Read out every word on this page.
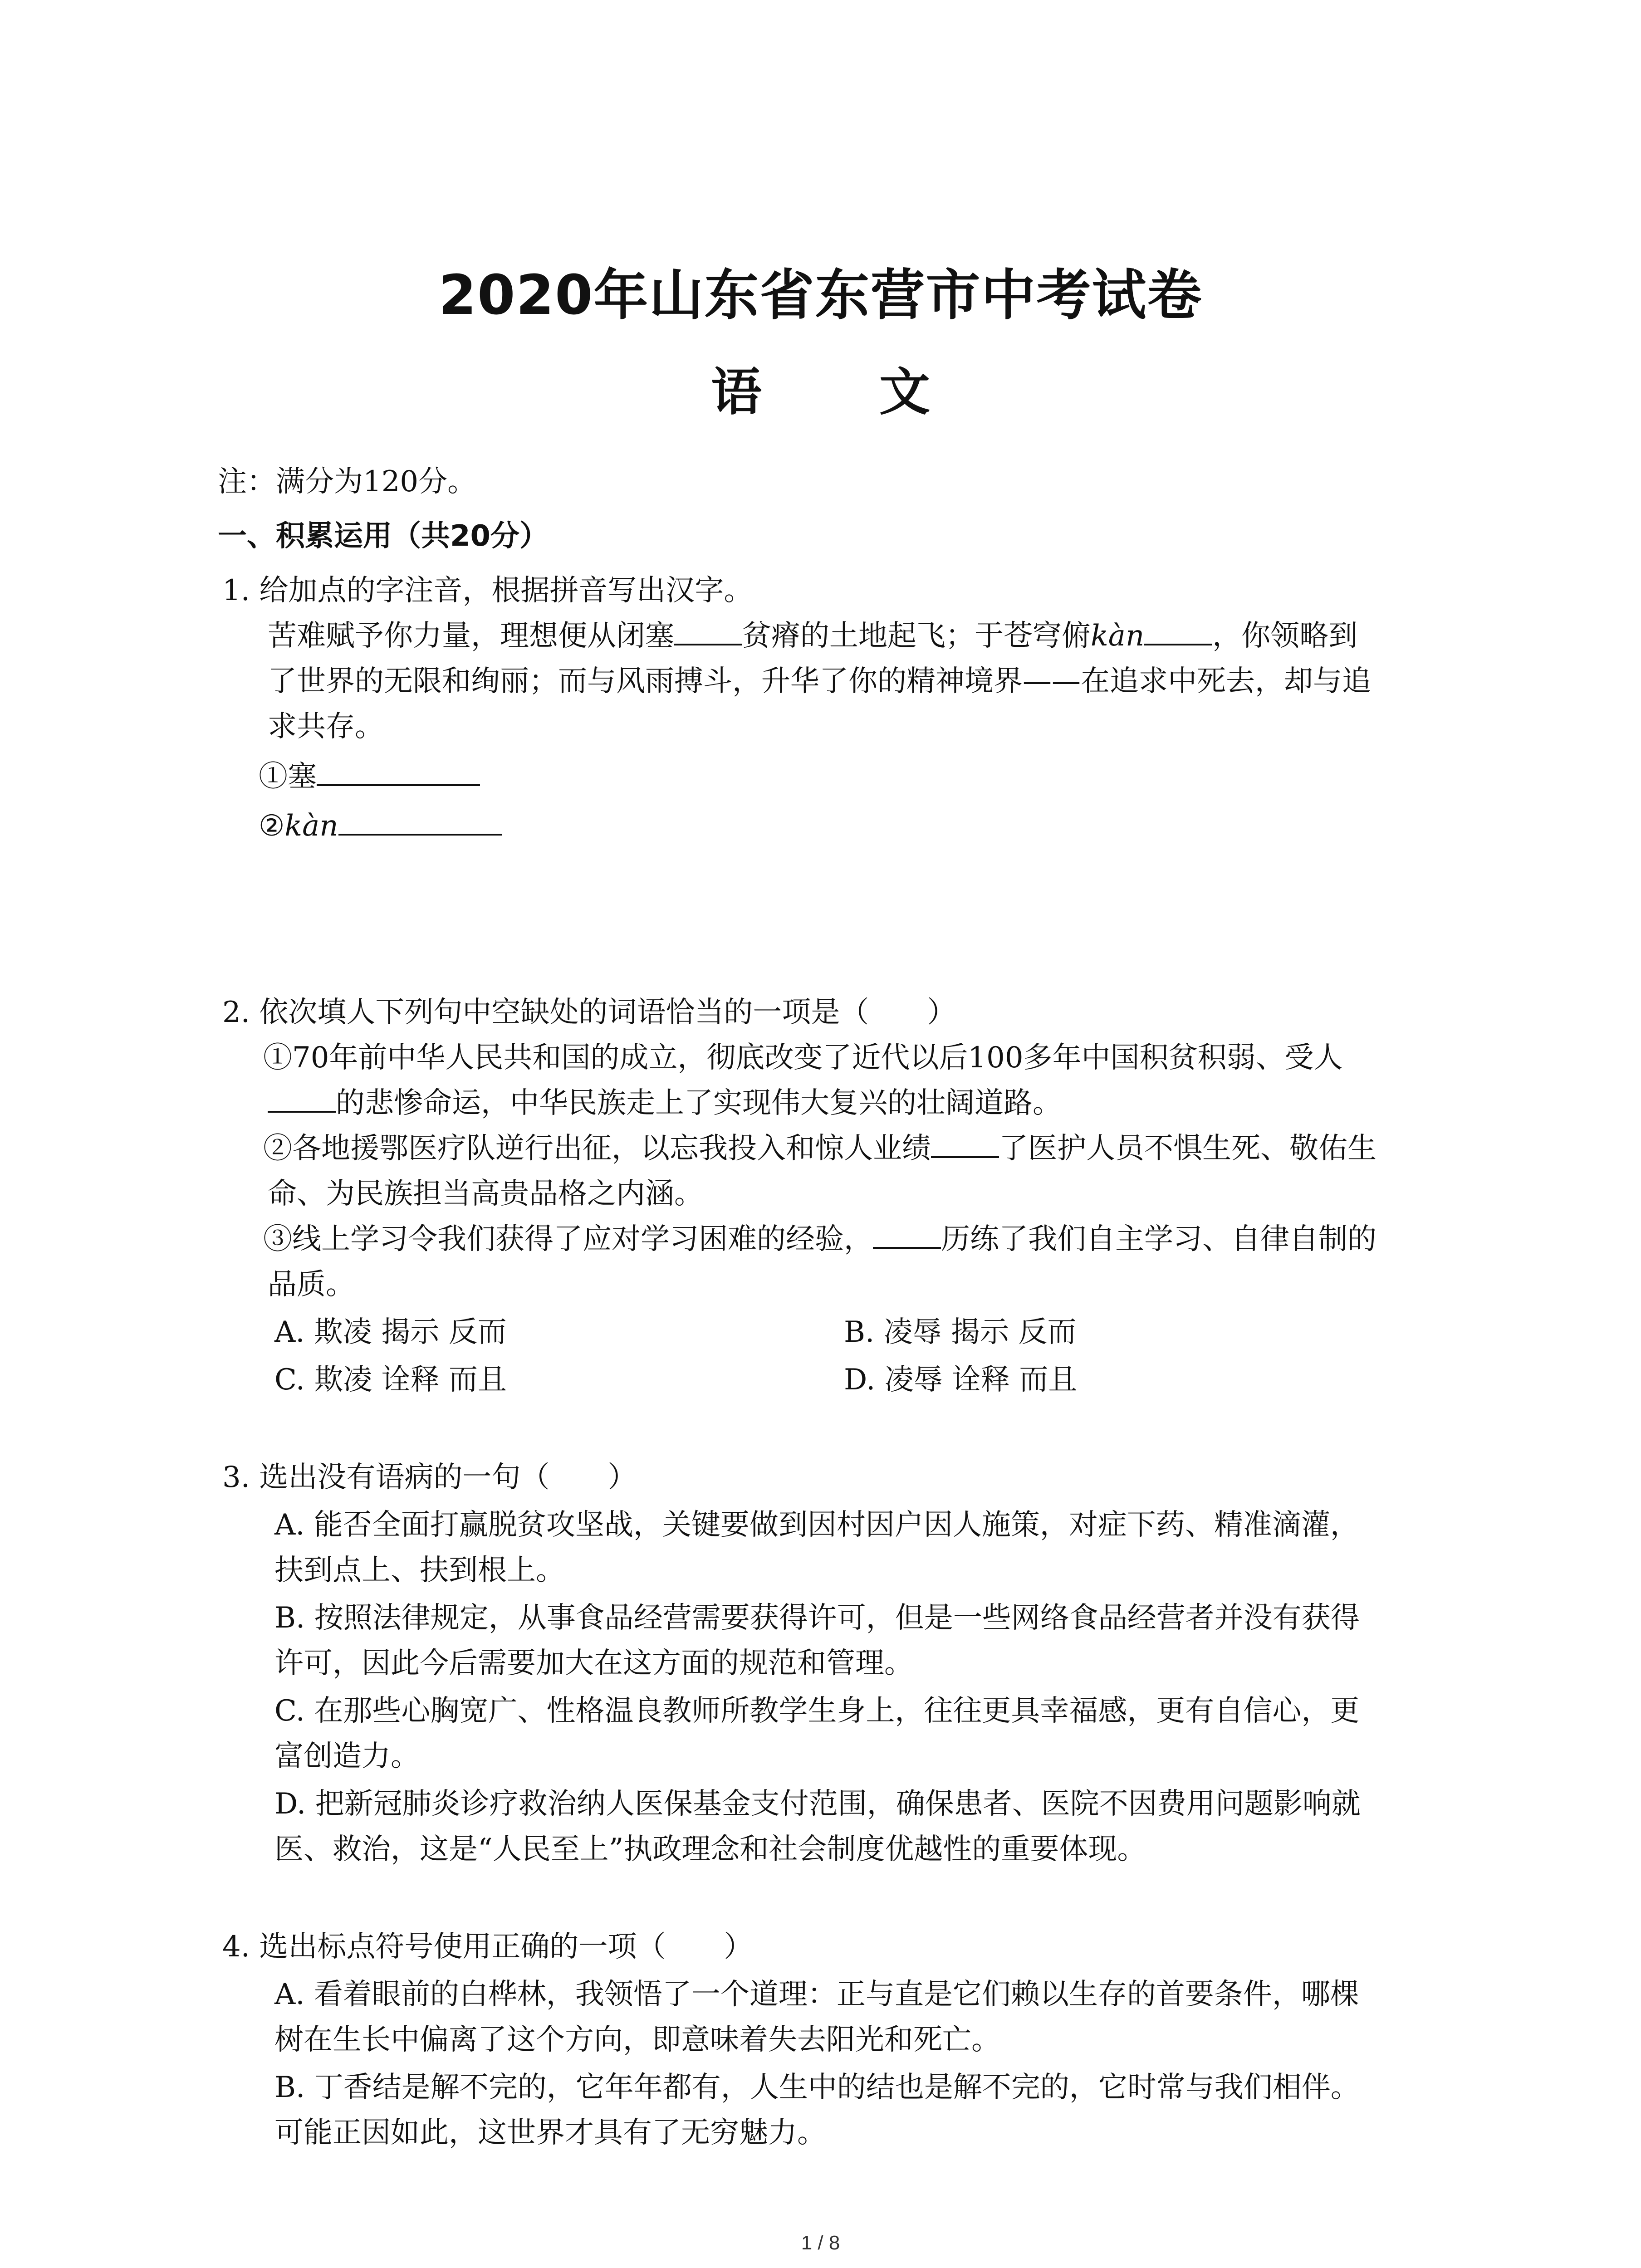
2020年山东省东营市中考试卷
语 文
注：满分为120分。
一、积累运用（共20分）
1. 给加点的字注音，根据拼音写出汉字。
苦难赋予你力量，理想便从闭塞 贫瘠的土地起飞；于苍穹俯kàn ，你领略到
了世界的无限和绚丽；而与风雨搏斗，升华了你的精神境界——在追求中死去，却与追
求共存。
①塞
②kàn
2. 依次填人下列句中空缺处的词语恰当的一项是（　　）
①70年前中华人民共和国的成立，彻底改变了近代以后100多年中国积贫积弱、受人
的悲惨命运，中华民族走上了实现伟大复兴的壮阔道路。
②各地援鄂医疗队逆行出征，以忘我投入和惊人业绩 了医护人员不惧生死、敬佑生
命、为民族担当高贵品格之内涵。
③线上学习令我们获得了应对学习困难的经验， 历练了我们自主学习、自律自制的
品质。
A. 欺凌 揭示 反而	B. 凌辱 揭示 反而
C. 欺凌 诠释 而且	D. 凌辱 诠释 而且
3. 选出没有语病的一句（　　）
A. 能否全面打赢脱贫攻坚战，关键要做到因村因户因人施策，对症下药、精准滴灌，
扶到点上、扶到根上。
B. 按照法律规定，从事食品经营需要获得许可，但是一些网络食品经营者并没有获得
许可，因此今后需要加大在这方面的规范和管理。
C. 在那些心胸宽广、性格温良教师所教学生身上，往往更具幸福感，更有自信心，更
富创造力。
D. 把新冠肺炎诊疗救治纳人医保基金支付范围，确保患者、医院不因费用问题影响就
医、救治，这是“人民至上”执政理念和社会制度优越性的重要体现。
4. 选出标点符号使用正确的一项（　　）
A. 看着眼前的白桦林，我领悟了一个道理：正与直是它们赖以生存的首要条件，哪棵
树在生长中偏离了这个方向，即意味着失去阳光和死亡。
B. 丁香结是解不完的，它年年都有，人生中的结也是解不完的，它时常与我们相伴。
可能正因如此，这世界才具有了无穷魅力。
1 / 8
